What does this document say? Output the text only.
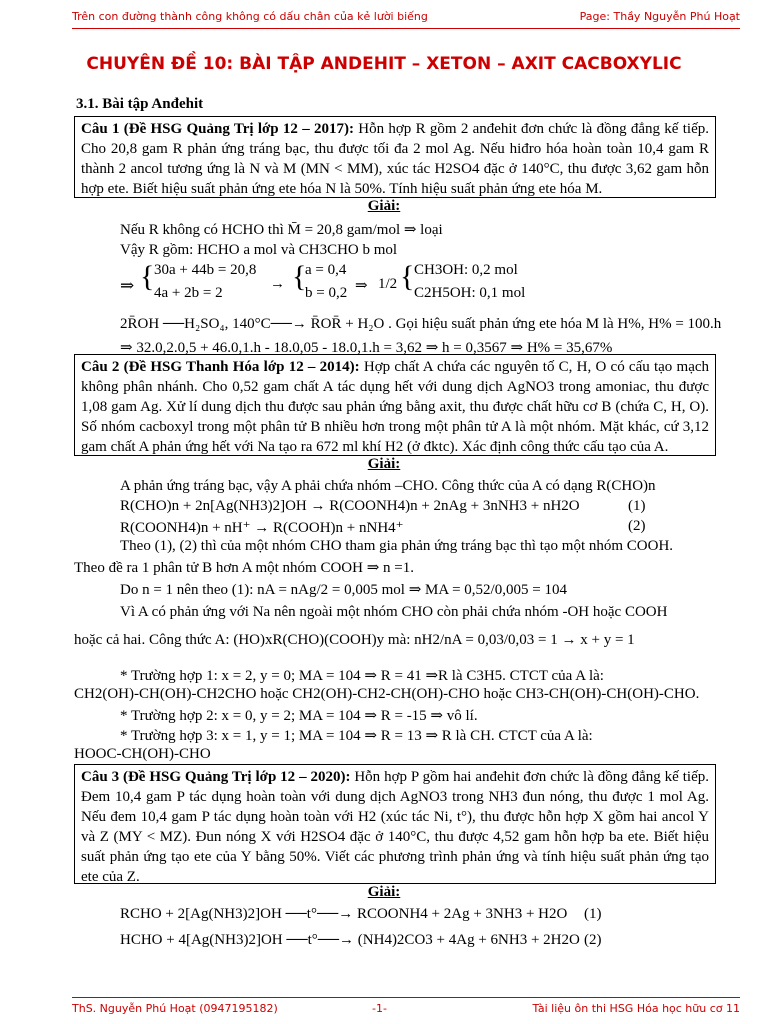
Trên con đường thành công không có dấu chân của kẻ lười biếng	Page: Thầy Nguyễn Phú Hoạt
CHUYÊN ĐỀ 10: BÀI TẬP ANDEHIT – XETON – AXIT CACBOXYLIC
3.1. Bài tập Anđehit
Câu 1 (Đề HSG Quảng Trị lớp 12 – 2017): Hỗn hợp R gồm 2 anđehit đơn chức là đồng đẳng kế tiếp. Cho 20,8 gam R phản ứng tráng bạc, thu được tối đa 2 mol Ag. Nếu hiđro hóa hoàn toàn 10,4 gam R thành 2 ancol tương ứng là N và M (MN < MM), xúc tác H2SO4 đặc ở 140°C, thu được 3,62 gam hỗn hợp ete. Biết hiệu suất phản ứng ete hóa N là 50%. Tính hiệu suất phản ứng ete hóa M.
Giải:
Nếu R không có HCHO thì M̄ = 20,8 gam/mol ⇒ loại
Vậy R gồm: HCHO a mol và CH3CHO b mol
⇒ { 30a + 44b = 20,8
4a + 2b = 2
→ {
a = 0,4
b = 0,2 ⇒ 1/2 { CH3OH: 0,2 mol
C2H5OH: 0,1 mol
2R̄OH ──H₂SO₄, 140°C──→ R̄OR̄ + H₂O . Gọi hiệu suất phản ứng ete hóa M là H%, H% = 100.h
⇒ 32.0,2.0,5 + 46.0,1.h - 18.0,05 - 18.0,1.h = 3,62 ⇒ h = 0,3567 ⇒ H% = 35,67%
Câu 2 (Đề HSG Thanh Hóa lớp 12 – 2014): Hợp chất A chứa các nguyên tố C, H, O có cấu tạo mạch không phân nhánh. Cho 0,52 gam chất A tác dụng hết với dung dịch AgNO3 trong amoniac, thu được 1,08 gam Ag. Xử lí dung dịch thu được sau phản ứng bằng axit, thu được chất hữu cơ B (chứa C, H, O). Số nhóm cacboxyl trong một phân tử B nhiều hơn trong một phân tử A là một nhóm. Mặt khác, cứ 3,12 gam chất A phản ứng hết với Na tạo ra 672 ml khí H2 (ở đktc). Xác định công thức cấu tạo của A.
Giải:
A phản ứng tráng bạc, vậy A phải chứa nhóm –CHO. Công thức của A có dạng R(CHO)n
R(CHO)n + 2n[Ag(NH3)2]OH → R(COONH4)n + 2nAg + 3nNH3 + nH2O	(1)
R(COONH4)n + nH⁺ → R(COOH)n + nNH4⁺	(2)
Theo (1), (2) thì của một nhóm CHO tham gia phản ứng tráng bạc thì tạo một nhóm COOH.
Theo đề ra 1 phân tử B hơn A một nhóm COOH ⇒ n =1.
Do n = 1 nên theo (1): nA = nAg/2 = 0,005 mol ⇒ MA = 0,52/0,005 = 104
Vì A có phản ứng với Na nên ngoài một nhóm CHO còn phải chứa nhóm -OH hoặc COOH
hoặc cả hai. Công thức A: (HO)xR(CHO)(COOH)y mà: nH2/nA = 0,03/0,03 = 1 → x + y = 1
* Trường hợp 1: x = 2, y = 0; MA = 104 ⇒ R = 41 ⇒R là C3H5. CTCT của A là:
CH2(OH)-CH(OH)-CH2CHO hoặc CH2(OH)-CH2-CH(OH)-CHO hoặc CH3-CH(OH)-CH(OH)-CHO.
* Trường hợp 2: x = 0, y = 2; MA = 104 ⇒ R = -15 ⇒ vô lí.
* Trường hợp 3: x = 1, y = 1; MA = 104 ⇒ R = 13 ⇒ R là CH. CTCT của A là:
HOOC-CH(OH)-CHO
Câu 3 (Đề HSG Quảng Trị lớp 12 – 2020): Hỗn hợp P gồm hai anđehit đơn chức là đồng đẳng kế tiếp. Đem 10,4 gam P tác dụng hoàn toàn với dung dịch AgNO3 trong NH3 đun nóng, thu được 1 mol Ag. Nếu đem 10,4 gam P tác dụng hoàn toàn với H2 (xúc tác Ni, t°), thu được hỗn hợp X gồm hai ancol Y và Z (MY < MZ). Đun nóng X với H2SO4 đặc ở 140°C, thu được 4,52 gam hỗn hợp ba ete. Biết hiệu suất phản ứng tạo ete của Y bằng 50%. Viết các phương trình phản ứng và tính hiệu suất phản ứng tạo ete của Z.
Giải:
RCHO + 2[Ag(NH3)2]OH ──t°──→ RCOONH4 + 2Ag + 3NH3 + H2O (1)
HCHO + 4[Ag(NH3)2]OH ──t°──→ (NH4)2CO3 + 4Ag + 6NH3 + 2H2O (2)
ThS. Nguyễn Phú Hoạt (0947195182)	-1-	Tài liệu ôn thi HSG Hóa học hữu cơ 11
